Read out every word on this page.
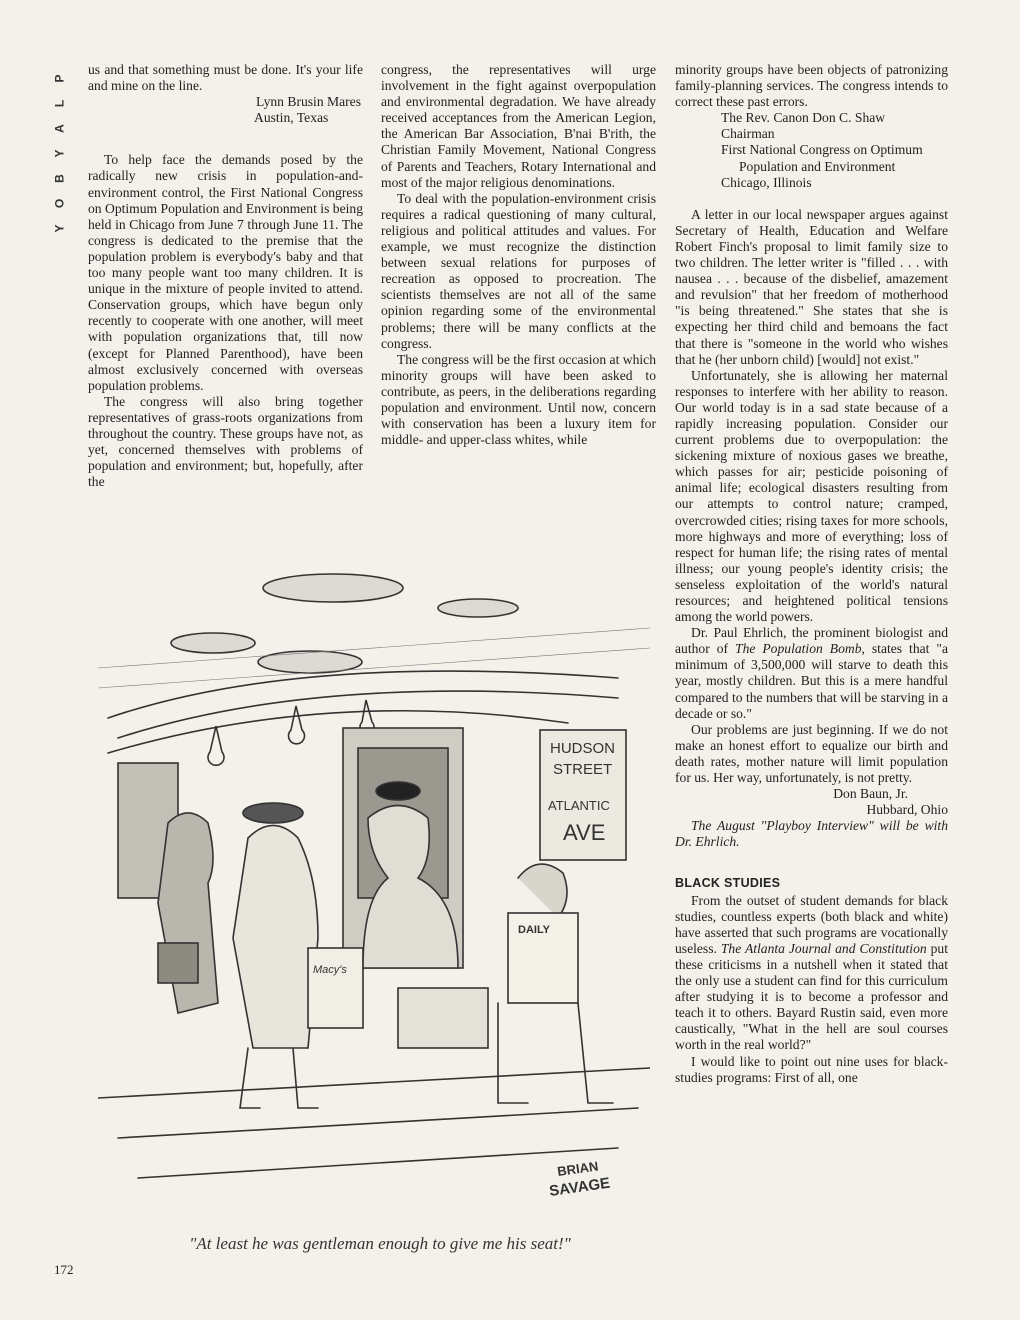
P
L
A
Y
B
O
Y

us and that something must be done. It's your life and mine on the line.

Lynn Brusin Mares

Austin, Texas

To help face the demands posed by the radically new crisis in population-and-environment control, the First National Congress on Optimum Population and Environment is being held in Chicago from June 7 through June 11. The congress is dedicated to the premise that the population problem is everybody's baby and that too many people want too many children. It is unique in the mixture of people invited to attend. Conservation groups, which have begun only recently to cooperate with one another, will meet with population organizations that, till now (except for Planned Parenthood), have been almost exclusively concerned with overseas population problems.

The congress will also bring together representatives of grass-roots organizations from throughout the country. These groups have not, as yet, concerned themselves with problems of population and environment; but, hopefully, after the

congress, the representatives will urge involvement in the fight against overpopulation and environmental degradation. We have already received acceptances from the American Legion, the American Bar Association, B'nai B'rith, the Christian Family Movement, National Congress of Parents and Teachers, Rotary International and most of the major religious denominations.

To deal with the population-environment crisis requires a radical questioning of many cultural, religious and political attitudes and values. For example, we must recognize the distinction between sexual relations for purposes of recreation as opposed to procreation. The scientists themselves are not all of the same opinion regarding some of the environmental problems; there will be many conflicts at the congress.

The congress will be the first occasion at which minority groups will have been asked to contribute, as peers, in the deliberations regarding population and environment. Until now, concern with conservation has been a luxury item for middle- and upper-class whites, while

minority groups have been objects of patronizing family-planning services. The congress intends to correct these past errors.

The Rev. Canon Don C. Shaw

Chairman

First National Congress on Optimum

Population and Environment

Chicago, Illinois

A letter in our local newspaper argues against Secretary of Health, Education and Welfare Robert Finch's proposal to limit family size to two children. The letter writer is "filled . . . with nausea . . . because of the disbelief, amazement and revulsion" that her freedom of motherhood "is being threatened." She states that she is expecting her third child and bemoans the fact that there is "someone in the world who wishes that he (her unborn child) [would] not exist."

Unfortunately, she is allowing her maternal responses to interfere with her ability to reason. Our world today is in a sad state because of a rapidly increasing population. Consider our current problems due to overpopulation: the sickening mixture of noxious gases we breathe, which passes for air; pesticide poisoning of animal life; ecological disasters resulting from our attempts to control nature; cramped, overcrowded cities; rising taxes for more schools, more highways and more of everything; loss of respect for human life; the rising rates of mental illness; our young people's identity crisis; the senseless exploitation of the world's natural resources; and heightened political tensions among the world powers.

Dr. Paul Ehrlich, the prominent biologist and author of The Population Bomb, states that "a minimum of 3,500,000 will starve to death this year, mostly children. But this is a mere handful compared to the numbers that will be starving in a decade or so."

Our problems are just beginning. If we do not make an honest effort to equalize our birth and death rates, mother nature will limit population for us. Her way, unfortunately, is not pretty.

Don Baun, Jr.

Hubbard, Ohio

The August "Playboy Interview" will be with Dr. Ehrlich.

BLACK STUDIES

From the outset of student demands for black studies, countless experts (both black and white) have asserted that such programs are vocationally useless. The Atlanta Journal and Constitution put these criticisms in a nutshell when it stated that the only use a student can find for this curriculum after studying it is to become a professor and teach it to others. Bayard Rustin said, even more caustically, "What in the hell are soul courses worth in the real world?"

I would like to point out nine uses for black-studies programs: First of all, one

HUDSON
STREET
ATLANTIC
AVE
DAILY
Macy's
BRIAN
SAVAGE
"At least he was gentleman enough to give me his seat!"
172
